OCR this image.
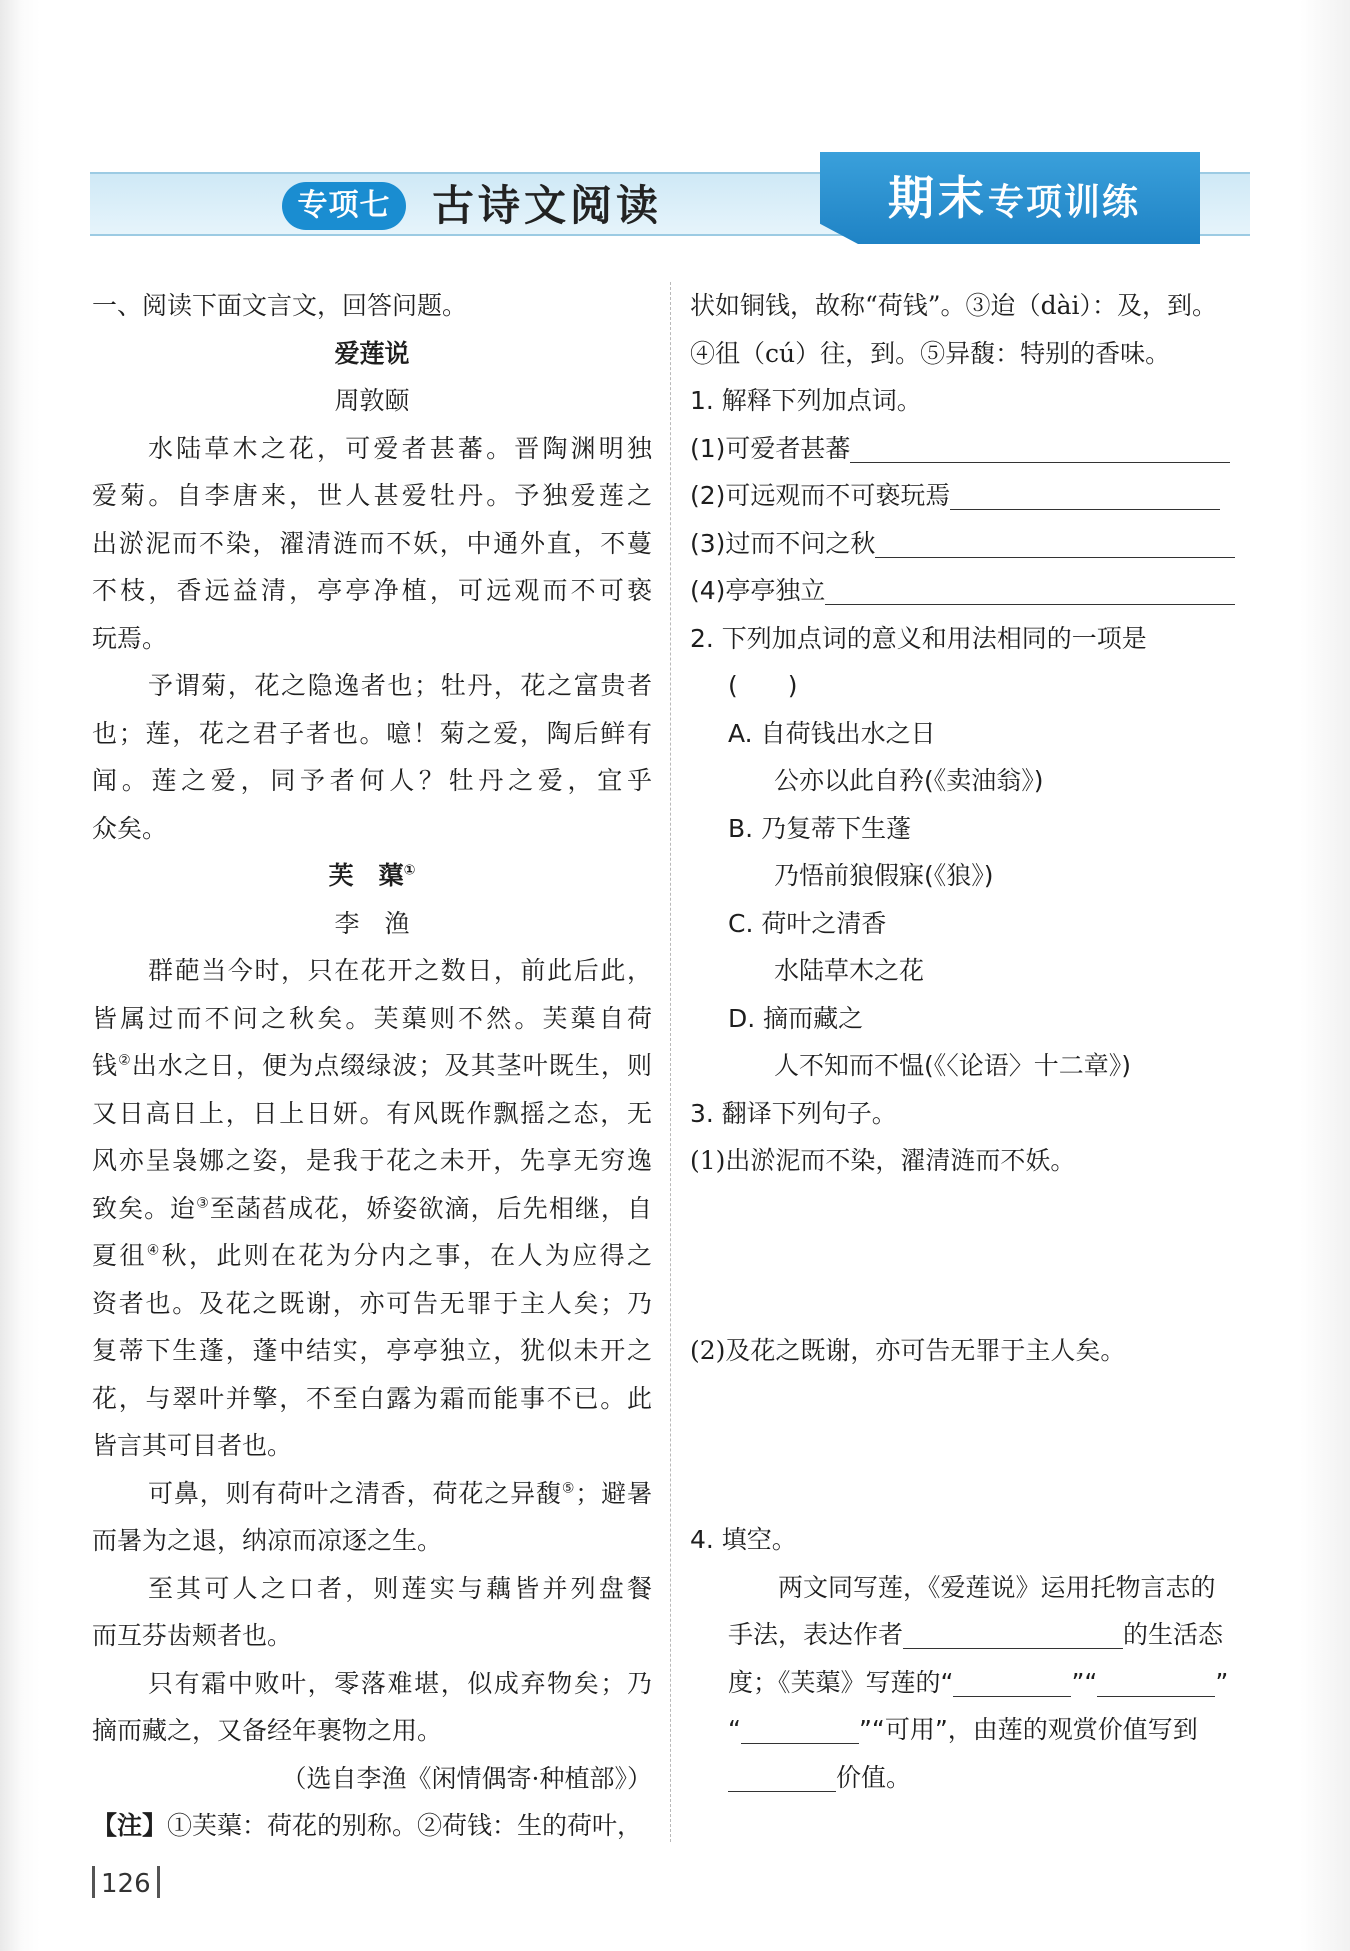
专项七 古诗文阅读	期末专项训练
一、阅读下面文言文，回答问题。
爱莲说
周敦颐
水陆草木之花，可爱者甚蕃。晋陶渊明独
爱菊。自李唐来，世人甚爱牡丹。予独爱莲之
出淤泥而不染，濯清涟而不妖，中通外直，不蔓
不枝，香远益清，亭亭净植，可远观而不可亵
玩焉。
予谓菊，花之隐逸者也；牡丹，花之富贵者
也；莲，花之君子者也。噫！菊之爱，陶后鲜有
闻。莲之爱，同予者何人？牡丹之爱，宜乎
众矣。
芙　蕖①
李　渔
群葩当今时，只在花开之数日，前此后此，
皆属过而不问之秋矣。芙蕖则不然。芙蕖自荷
钱②出水之日，便为点缀绿波；及其茎叶既生，则
又日高日上，日上日妍。有风既作飘摇之态，无
风亦呈袅娜之姿，是我于花之未开，先享无穷逸
致矣。迨③至菡萏成花，娇姿欲滴，后先相继，自
夏徂④秋，此则在花为分内之事，在人为应得之
资者也。及花之既谢，亦可告无罪于主人矣；乃
复蒂下生蓬，蓬中结实，亭亭独立，犹似未开之
花，与翠叶并擎，不至白露为霜而能事不已。此
皆言其可目者也。
可鼻，则有荷叶之清香，荷花之异馥⑤；避暑
而暑为之退，纳凉而凉逐之生。
至其可人之口者，则莲实与藕皆并列盘餐
而互芬齿颊者也。
只有霜中败叶，零落难堪，似成弃物矣；乃
摘而藏之，又备经年裹物之用。
（选自李渔《闲情偶寄·种植部》）
【注】①芙蕖：荷花的别称。②荷钱：生的荷叶，
状如铜钱，故称“荷钱”。③迨（dài）：及，到。
④徂（cú）往，到。⑤异馥：特别的香味。
1. 解释下列加点词。
(1)可爱者甚蕃
(2)可远观而不可亵玩焉
(3)过而不问之秋
(4)亭亭独立
2. 下列加点词的意义和用法相同的一项是
(　　)
A. 自荷钱出水之日
公亦以此自矜(《卖油翁》)
B. 乃复蒂下生蓬
乃悟前狼假寐(《狼》)
C. 荷叶之清香
水陆草木之花
D. 摘而藏之
人不知而不愠(《〈论语〉十二章》)
3. 翻译下列句子。
(1)出淤泥而不染，濯清涟而不妖。
(2)及花之既谢，亦可告无罪于主人矣。
4. 填空。
两文同写莲，《爱莲说》运用托物言志的
手法，表达作者	的生活态
度；《芙蕖》写莲的“	”“	”
“	”“可用”，由莲的观赏价值写到
价值。
126
